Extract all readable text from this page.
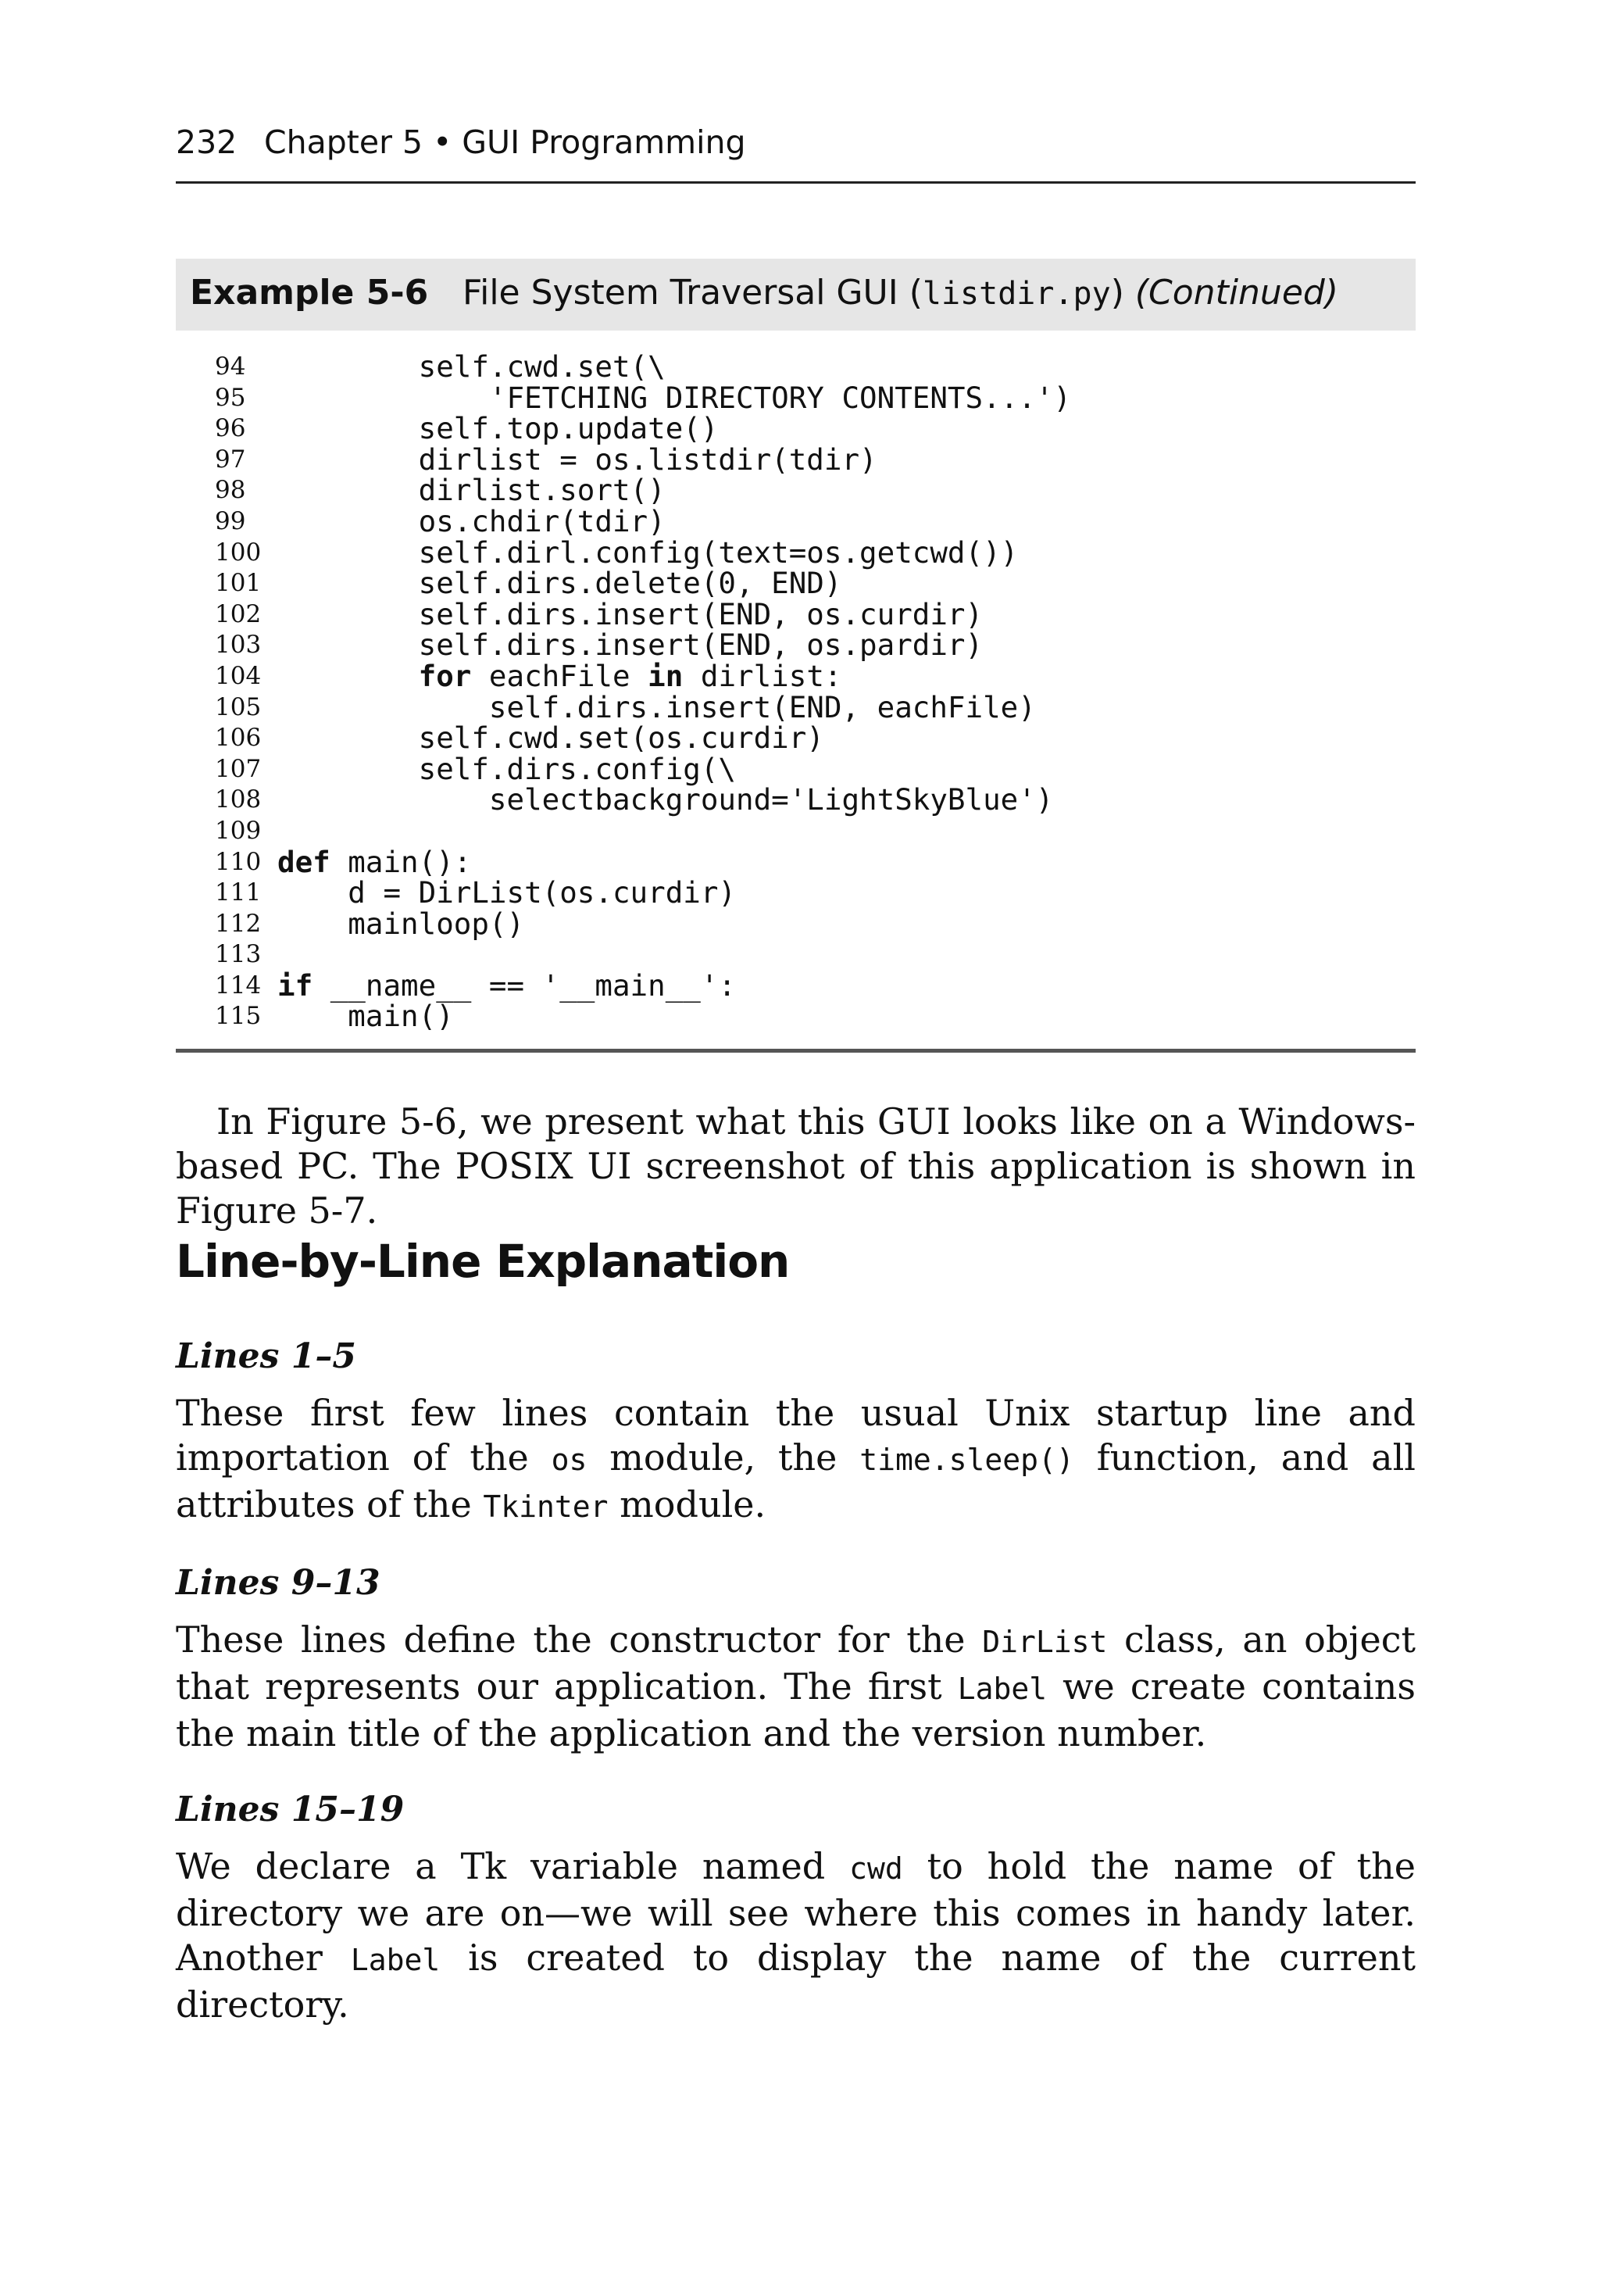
232 Chapter 5 • GUI Programming
Example 5-6 File System Traversal GUI (listdir.py) (Continued)
94	self.cwd.set(\
95	'FETCHING DIRECTORY CONTENTS...')
96	self.top.update()
97	dirlist = os.listdir(tdir)
98	dirlist.sort()
99	os.chdir(tdir)
100 self.dirl.config(text=os.getcwd())
101 self.dirs.delete(0, END)
102 self.dirs.insert(END, os.curdir)
103 self.dirs.insert(END, os.pardir)
104	for eachFile in dirlist:
105 self.dirs.insert(END, eachFile)
106 self.cwd.set(os.curdir)
107 self.dirs.config(\
108 selectbackground='LightSkyBlue')
109
110 def main():
111 d = DirList(os.curdir)
112 mainloop()
113
114 if __name__ == '__main__':
115 main()
In Figure 5-6, we present what this GUI looks like on a Windows-based PC. The POSIX UI screenshot of this application is shown in Figure 5-7.
Line-by-Line Explanation
Lines 1–5
These first few lines contain the usual Unix startup line and importation of the os module, the time.sleep() function, and all attributes of the Tkinter module.
Lines 9–13
These lines define the constructor for the DirList class, an object that represents our application. The first Label we create contains the main title of the application and the version number.
Lines 15–19
We declare a Tk variable named cwd to hold the name of the directory we are on—we will see where this comes in handy later. Another Label is created to display the name of the current directory.
